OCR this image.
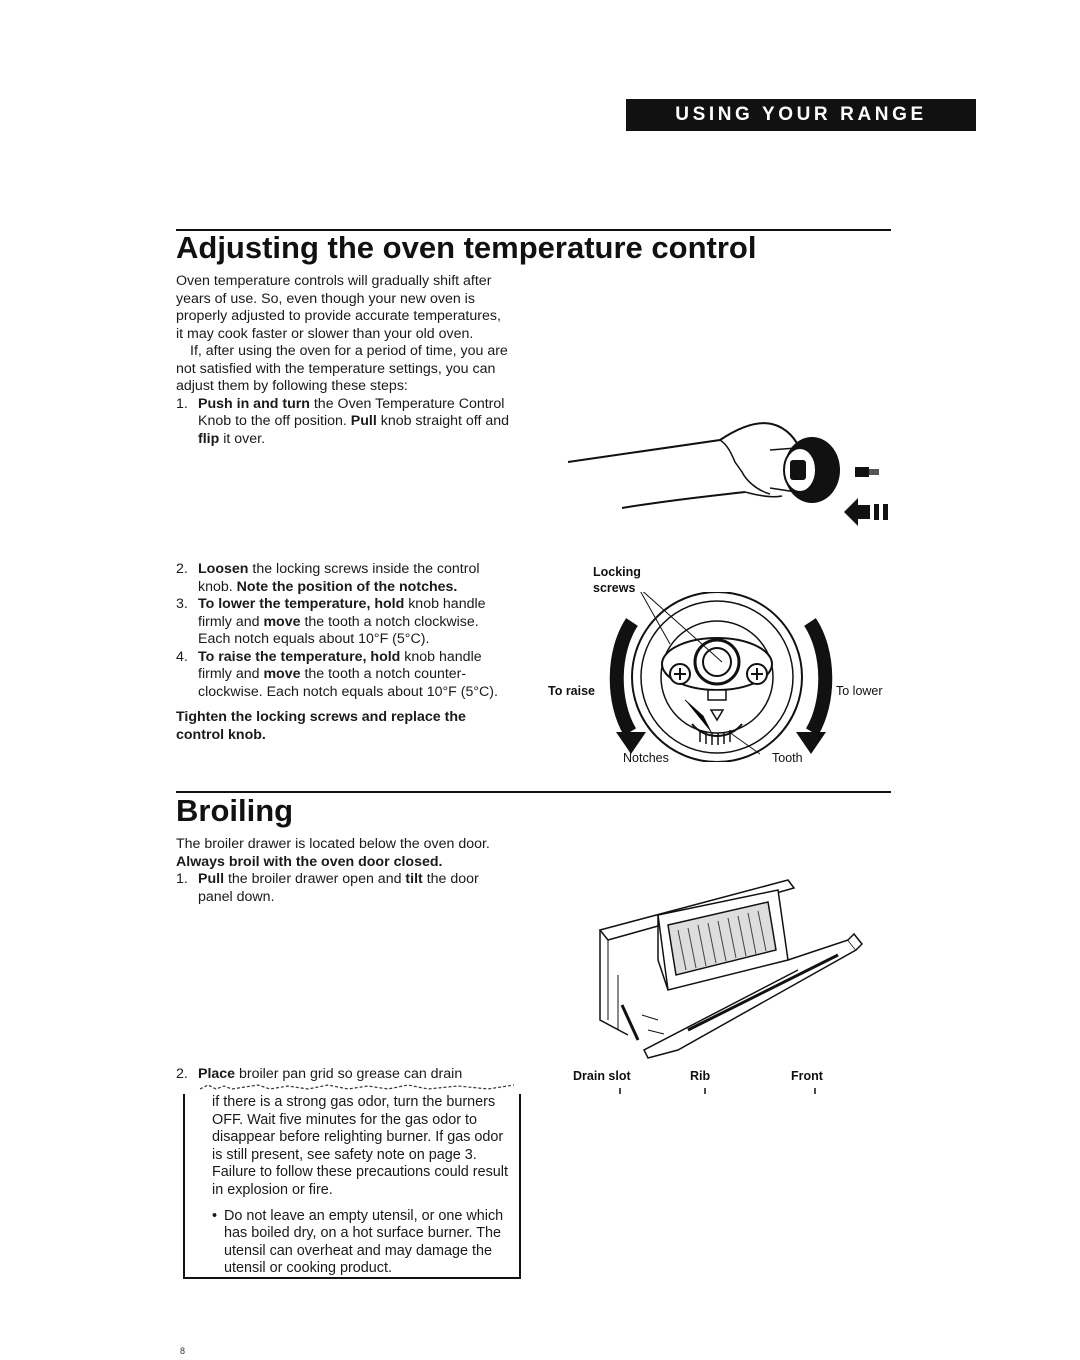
USING YOUR RANGE
Adjusting the oven temperature control

Oven temperature controls will gradually shift after years of use. So, even though your new oven is properly adjusted to provide accurate temperatures, it may cook faster or slower than your old oven.

If, after using the oven for a period of time, you are not satisfied with the temperature settings, you can adjust them by following these steps:

1. Push in and turn the Oven Temperature Control Knob to the off position. Pull knob straight off and flip it over.

2. Loosen the locking screws inside the control knob. Note the position of the notches.

3. To lower the temperature, hold knob handle firmly and move the tooth a notch clockwise. Each notch equals about 10°F (5°C).

4. To raise the temperature, hold knob handle firmly and move the tooth a notch counter-clockwise. Each notch equals about 10°F (5°C).

Tighten the locking screws and replace the control knob.

Locking
screws
To raise	To lower
Notches	Tooth
Broiling

The broiler drawer is located below the oven door. Always broil with the oven door closed.

1. Pull the broiler drawer open and tilt the door panel down.

2. Place broiler pan grid so grease can drain	Drain slot	Rib	Front

if there is a strong gas odor, turn the burners OFF. Wait five minutes for the gas odor to disappear before relighting burner. If gas odor is still present, see safety note on page 3. Failure to follow these precautions could result in explosion or fire.

• Do not leave an empty utensil, or one which has boiled dry, on a hot surface burner. The utensil can overheat and may damage the utensil or cooking product.

8
